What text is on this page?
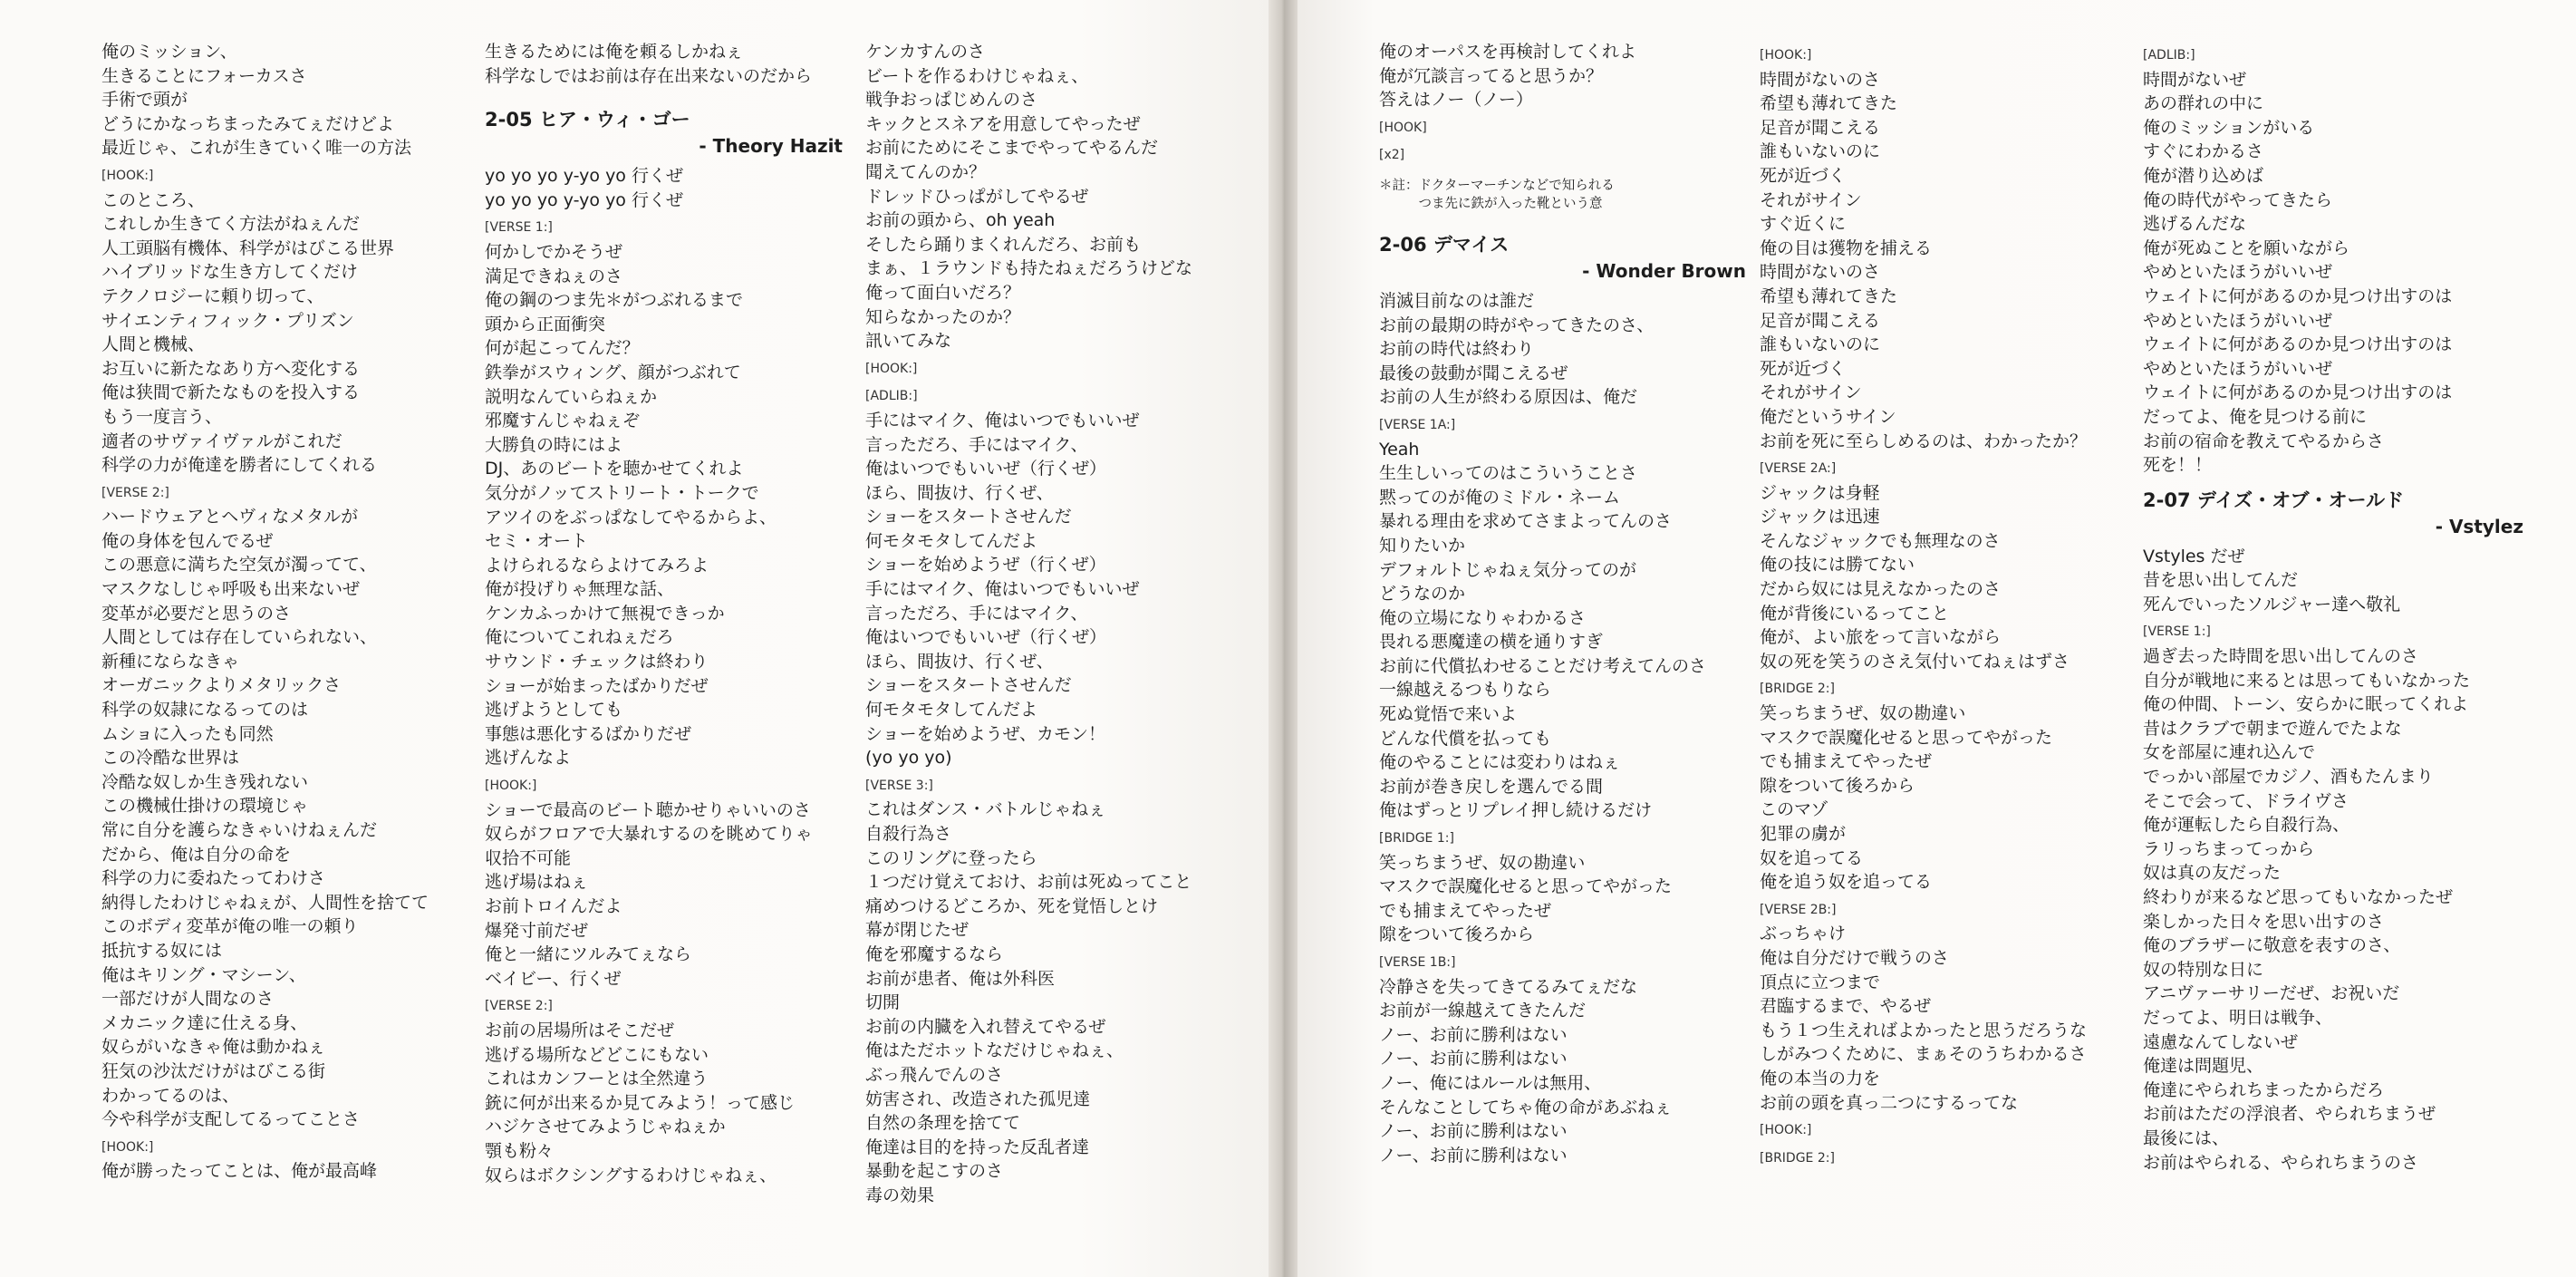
俺のミッション、
生きることにフォーカスさ
手術で頭が
どうにかなっちまったみてぇだけどよ
最近じゃ、これが生きていく唯一の方法
[HOOK:]
このところ、
これしか生きてく方法がねぇんだ
人工頭脳有機体、科学がはびこる世界
ハイブリッドな生き方してくだけ
テクノロジーに頼り切って、
サイエンティフィック・プリズン
人間と機械、
お互いに新たなあり方へ変化する
俺は狭間で新たなものを投入する
もう一度言う、
適者のサヴァイヴァルがこれだ
科学の力が俺達を勝者にしてくれる
[VERSE 2:]
ハードウェアとヘヴィなメタルが
俺の身体を包んでるぜ
この悪意に満ちた空気が濁ってて、
マスクなしじゃ呼吸も出来ないぜ
変革が必要だと思うのさ
人間としては存在していられない、
新種にならなきゃ
オーガニックよりメタリックさ
科学の奴隷になるってのは
ムショに入ったも同然
この冷酷な世界は
冷酷な奴しか生き残れない
この機械仕掛けの環境じゃ
常に自分を護らなきゃいけねぇんだ
だから、俺は自分の命を
科学の力に委ねたってわけさ
納得したわけじゃねぇが、人間性を捨てて
このボディ変革が俺の唯一の頼り
抵抗する奴には
俺はキリング・マシーン、
一部だけが人間なのさ
メカニック達に仕える身、
奴らがいなきゃ俺は動かねぇ
狂気の沙汰だけがはびこる街
わかってるのは、
今や科学が支配してるってことさ
[HOOK:]
俺が勝ったってことは、俺が最高峰
生きるためには俺を頼るしかねぇ
科学なしではお前は存在出来ないのだから
2-05 ヒア・ウィ・ゴー
- Theory Hazit
yo yo yo y-yo yo 行くぜ
yo yo yo y-yo yo 行くぜ
[VERSE 1:]
何かしでかそうぜ
満足できねぇのさ
俺の鋼のつま先＊がつぶれるまで
頭から正面衝突
何が起こってんだ？
鉄拳がスウィング、顔がつぶれて
説明なんていらねぇか
邪魔すんじゃねぇぞ
大勝負の時にはよ
DJ、あのビートを聴かせてくれよ
気分がノッてストリート・トークで
アツイのをぶっぱなしてやるからよ、
セミ・オート
よけられるならよけてみろよ
俺が投げりゃ無理な話、
ケンカふっかけて無視できっか
俺についてこれねぇだろ
サウンド・チェックは終わり
ショーが始まったばかりだぜ
逃げようとしても
事態は悪化するばかりだぜ
逃げんなよ
[HOOK:]
ショーで最高のビート聴かせりゃいいのさ
奴らがフロアで大暴れするのを眺めてりゃ
収拾不可能
逃げ場はねぇ
お前トロイんだよ
爆発寸前だぜ
俺と一緒にツルみてぇなら
ベイビー、行くぜ
[VERSE 2:]
お前の居場所はそこだぜ
逃げる場所などどこにもない
これはカンフーとは全然違う
銃に何が出来るか見てみよう！って感じ
ハジケさせてみようじゃねぇか
顎も粉々
奴らはボクシングするわけじゃねぇ、
ケンカすんのさ
ビートを作るわけじゃねぇ、
戦争おっぱじめんのさ
キックとスネアを用意してやったぜ
お前にためにそこまでやってやるんだ
聞えてんのか？
ドレッドひっぱがしてやるぜ
お前の頭から、oh yeah
そしたら踊りまくれんだろ、お前も
まぁ、１ラウンドも持たねぇだろうけどな
俺って面白いだろ？
知らなかったのか？
訊いてみな
[HOOK:]
[ADLIB:]
手にはマイク、俺はいつでもいいぜ
言っただろ、手にはマイク、
俺はいつでもいいぜ（行くぜ）
ほら、間抜け、行くぜ、
ショーをスタートさせんだ
何モタモタしてんだよ
ショーを始めようぜ（行くぜ）
手にはマイク、俺はいつでもいいぜ
言っただろ、手にはマイク、
俺はいつでもいいぜ（行くぜ）
ほら、間抜け、行くぜ、
ショーをスタートさせんだ
何モタモタしてんだよ
ショーを始めようぜ、カモン！
(yo yo yo)
[VERSE 3:]
これはダンス・バトルじゃねぇ
自殺行為さ
このリングに登ったら
１つだけ覚えておけ、お前は死ぬってこと
痛めつけるどころか、死を覚悟しとけ
幕が閉じたぜ
俺を邪魔するなら
お前が患者、俺は外科医
切開
お前の内臓を入れ替えてやるぜ
俺はただホットなだけじゃねぇ、
ぶっ飛んでんのさ
妨害され、改造された孤児達
自然の条理を捨てて
俺達は目的を持った反乱者達
暴動を起こすのさ
毒の効果
俺のオーパスを再検討してくれよ
俺が冗談言ってると思うか？
答えはノー（ノー）
[HOOK]
[x2]
＊註：ドクターマーチンなどで知られる
　　　つま先に鉄が入った靴という意
2-06 デマイス
- Wonder Brown
消滅目前なのは誰だ
お前の最期の時がやってきたのさ、
お前の時代は終わり
最後の鼓動が聞こえるぜ
お前の人生が終わる原因は、俺だ
[VERSE 1A:]
Yeah
生生しいってのはこういうことさ
黙ってのが俺のミドル・ネーム
暴れる理由を求めてさまよってんのさ
知りたいか
デフォルトじゃねぇ気分ってのが
どうなのか
俺の立場になりゃわかるさ
畏れる悪魔達の横を通りすぎ
お前に代償払わせることだけ考えてんのさ
一線越えるつもりなら
死ぬ覚悟で来いよ
どんな代償を払っても
俺のやることには変わりはねぇ
お前が巻き戻しを選んでる間
俺はずっとリプレイ押し続けるだけ
[BRIDGE 1:]
笑っちまうぜ、奴の勘違い
マスクで誤魔化せると思ってやがった
でも捕まえてやったぜ
隙をついて後ろから
[VERSE 1B:]
冷静さを失ってきてるみてぇだな
お前が一線越えてきたんだ
ノー、お前に勝利はない
ノー、お前に勝利はない
ノー、俺にはルールは無用、
そんなことしてちゃ俺の命があぶねぇ
ノー、お前に勝利はない
ノー、お前に勝利はない
[HOOK:]
時間がないのさ
希望も薄れてきた
足音が聞こえる
誰もいないのに
死が近づく
それがサイン
すぐ近くに
俺の目は獲物を捕える
時間がないのさ
希望も薄れてきた
足音が聞こえる
誰もいないのに
死が近づく
それがサイン
俺だというサイン
お前を死に至らしめるのは、わかったか？
[VERSE 2A:]
ジャックは身軽
ジャックは迅速
そんなジャックでも無理なのさ
俺の技には勝てない
だから奴には見えなかったのさ
俺が背後にいるってこと
俺が、よい旅をって言いながら
奴の死を笑うのさえ気付いてねぇはずさ
[BRIDGE 2:]
笑っちまうぜ、奴の勘違い
マスクで誤魔化せると思ってやがった
でも捕まえてやったぜ
隙をついて後ろから
このマゾ
犯罪の虜が
奴を追ってる
俺を追う奴を追ってる
[VERSE 2B:]
ぶっちゃけ
俺は自分だけで戦うのさ
頂点に立つまで
君臨するまで、やるぜ
もう１つ生えればよかったと思うだろうな
しがみつくために、まぁそのうちわかるさ
俺の本当の力を
お前の頭を真っ二つにするってな
[HOOK:]
[BRIDGE 2:]
[ADLIB:]
時間がないぜ
あの群れの中に
俺のミッションがいる
すぐにわかるさ
俺が潜り込めば
俺の時代がやってきたら
逃げるんだな
俺が死ぬことを願いながら
やめといたほうがいいぜ
ウェイトに何があるのか見つけ出すのは
やめといたほうがいいぜ
ウェイトに何があるのか見つけ出すのは
やめといたほうがいいぜ
ウェイトに何があるのか見つけ出すのは
だってよ、俺を見つける前に
お前の宿命を教えてやるからさ
死を！！
2-07 デイズ・オブ・オールド
- Vstylez
Vstyles だぜ
昔を思い出してんだ
死んでいったソルジャー達へ敬礼
[VERSE 1:]
過ぎ去った時間を思い出してんのさ
自分が戦地に来るとは思ってもいなかった
俺の仲間、トーン、安らかに眠ってくれよ
昔はクラブで朝まで遊んでたよな
女を部屋に連れ込んで
でっかい部屋でカジノ、酒もたんまり
そこで会って、ドライヴさ
俺が運転したら自殺行為、
ラリっちまってっから
奴は真の友だった
終わりが来るなど思ってもいなかったぜ
楽しかった日々を思い出すのさ
俺のブラザーに敬意を表すのさ、
奴の特別な日に
アニヴァーサリーだぜ、お祝いだ
だってよ、明日は戦争、
遠慮なんてしないぜ
俺達は問題児、
俺達にやられちまったからだろ
お前はただの浮浪者、やられちまうぜ
最後には、
お前はやられる、やられちまうのさ
